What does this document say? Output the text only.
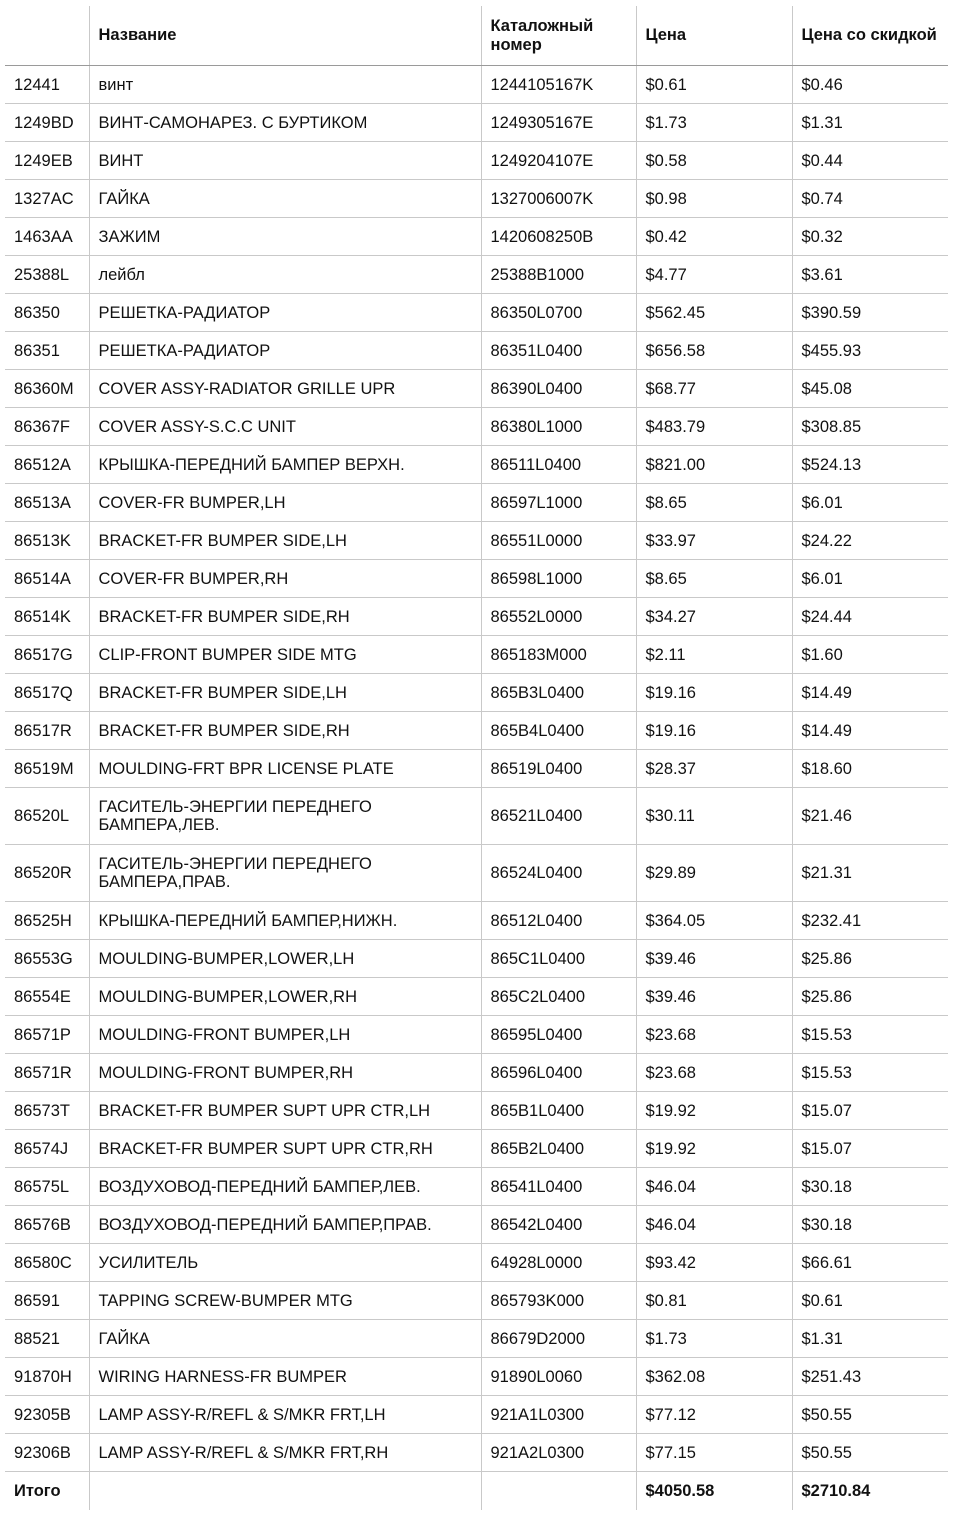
	Название	Каталожный номер	Цена	Цена со скидкой
12441	винт	1244105167K	$0.61	$0.46
1249BD	ВИНТ-САМОНАРЕЗ. С БУРТИКОМ	1249305167E	$1.73	$1.31
1249EB	ВИНТ	1249204107E	$0.58	$0.44
1327AC	ГАЙКА	1327006007K	$0.98	$0.74
1463AA	ЗАЖИМ	1420608250B	$0.42	$0.32
25388L	лейбл	25388B1000	$4.77	$3.61
86350	РЕШЕТКА-РАДИАТОР	86350L0700	$562.45	$390.59
86351	РЕШЕТКА-РАДИАТОР	86351L0400	$656.58	$455.93
86360M	COVER ASSY-RADIATOR GRILLE UPR	86390L0400	$68.77	$45.08
86367F	COVER ASSY-S.C.C UNIT	86380L1000	$483.79	$308.85
86512A	КРЫШКА-ПЕРЕДНИЙ БАМПЕР ВЕРХН.	86511L0400	$821.00	$524.13
86513A	COVER-FR BUMPER,LH	86597L1000	$8.65	$6.01
86513K	BRACKET-FR BUMPER SIDE,LH	86551L0000	$33.97	$24.22
86514A	COVER-FR BUMPER,RH	86598L1000	$8.65	$6.01
86514K	BRACKET-FR BUMPER SIDE,RH	86552L0000	$34.27	$24.44
86517G	CLIP-FRONT BUMPER SIDE MTG	865183M000	$2.11	$1.60
86517Q	BRACKET-FR BUMPER SIDE,LH	865B3L0400	$19.16	$14.49
86517R	BRACKET-FR BUMPER SIDE,RH	865B4L0400	$19.16	$14.49
86519M	MOULDING-FRT BPR LICENSE PLATE	86519L0400	$28.37	$18.60
86520L	ГАСИТЕЛЬ-ЭНЕРГИИ ПЕРЕДНЕГО БАМПЕРА,ЛЕВ.	86521L0400	$30.11	$21.46
86520R	ГАСИТЕЛЬ-ЭНЕРГИИ ПЕРЕДНЕГО БАМПЕРА,ПРАВ.	86524L0400	$29.89	$21.31
86525H	КРЫШКА-ПЕРЕДНИЙ БАМПЕР,НИЖН.	86512L0400	$364.05	$232.41
86553G	MOULDING-BUMPER,LOWER,LH	865C1L0400	$39.46	$25.86
86554E	MOULDING-BUMPER,LOWER,RH	865C2L0400	$39.46	$25.86
86571P	MOULDING-FRONT BUMPER,LH	86595L0400	$23.68	$15.53
86571R	MOULDING-FRONT BUMPER,RH	86596L0400	$23.68	$15.53
86573T	BRACKET-FR BUMPER SUPT UPR CTR,LH	865B1L0400	$19.92	$15.07
86574J	BRACKET-FR BUMPER SUPT UPR CTR,RH	865B2L0400	$19.92	$15.07
86575L	ВОЗДУХОВОД-ПЕРЕДНИЙ БАМПЕР,ЛЕВ.	86541L0400	$46.04	$30.18
86576B	ВОЗДУХОВОД-ПЕРЕДНИЙ БАМПЕР,ПРАВ.	86542L0400	$46.04	$30.18
86580C	УСИЛИТЕЛЬ	64928L0000	$93.42	$66.61
86591	TAPPING SCREW-BUMPER MTG	865793K000	$0.81	$0.61
88521	ГАЙКА	86679D2000	$1.73	$1.31
91870H	WIRING HARNESS-FR BUMPER	91890L0060	$362.08	$251.43
92305B	LAMP ASSY-R/REFL & S/MKR FRT,LH	921A1L0300	$77.12	$50.55
92306B	LAMP ASSY-R/REFL & S/MKR FRT,RH	921A2L0300	$77.15	$50.55
Итого			$4050.58	$2710.84
